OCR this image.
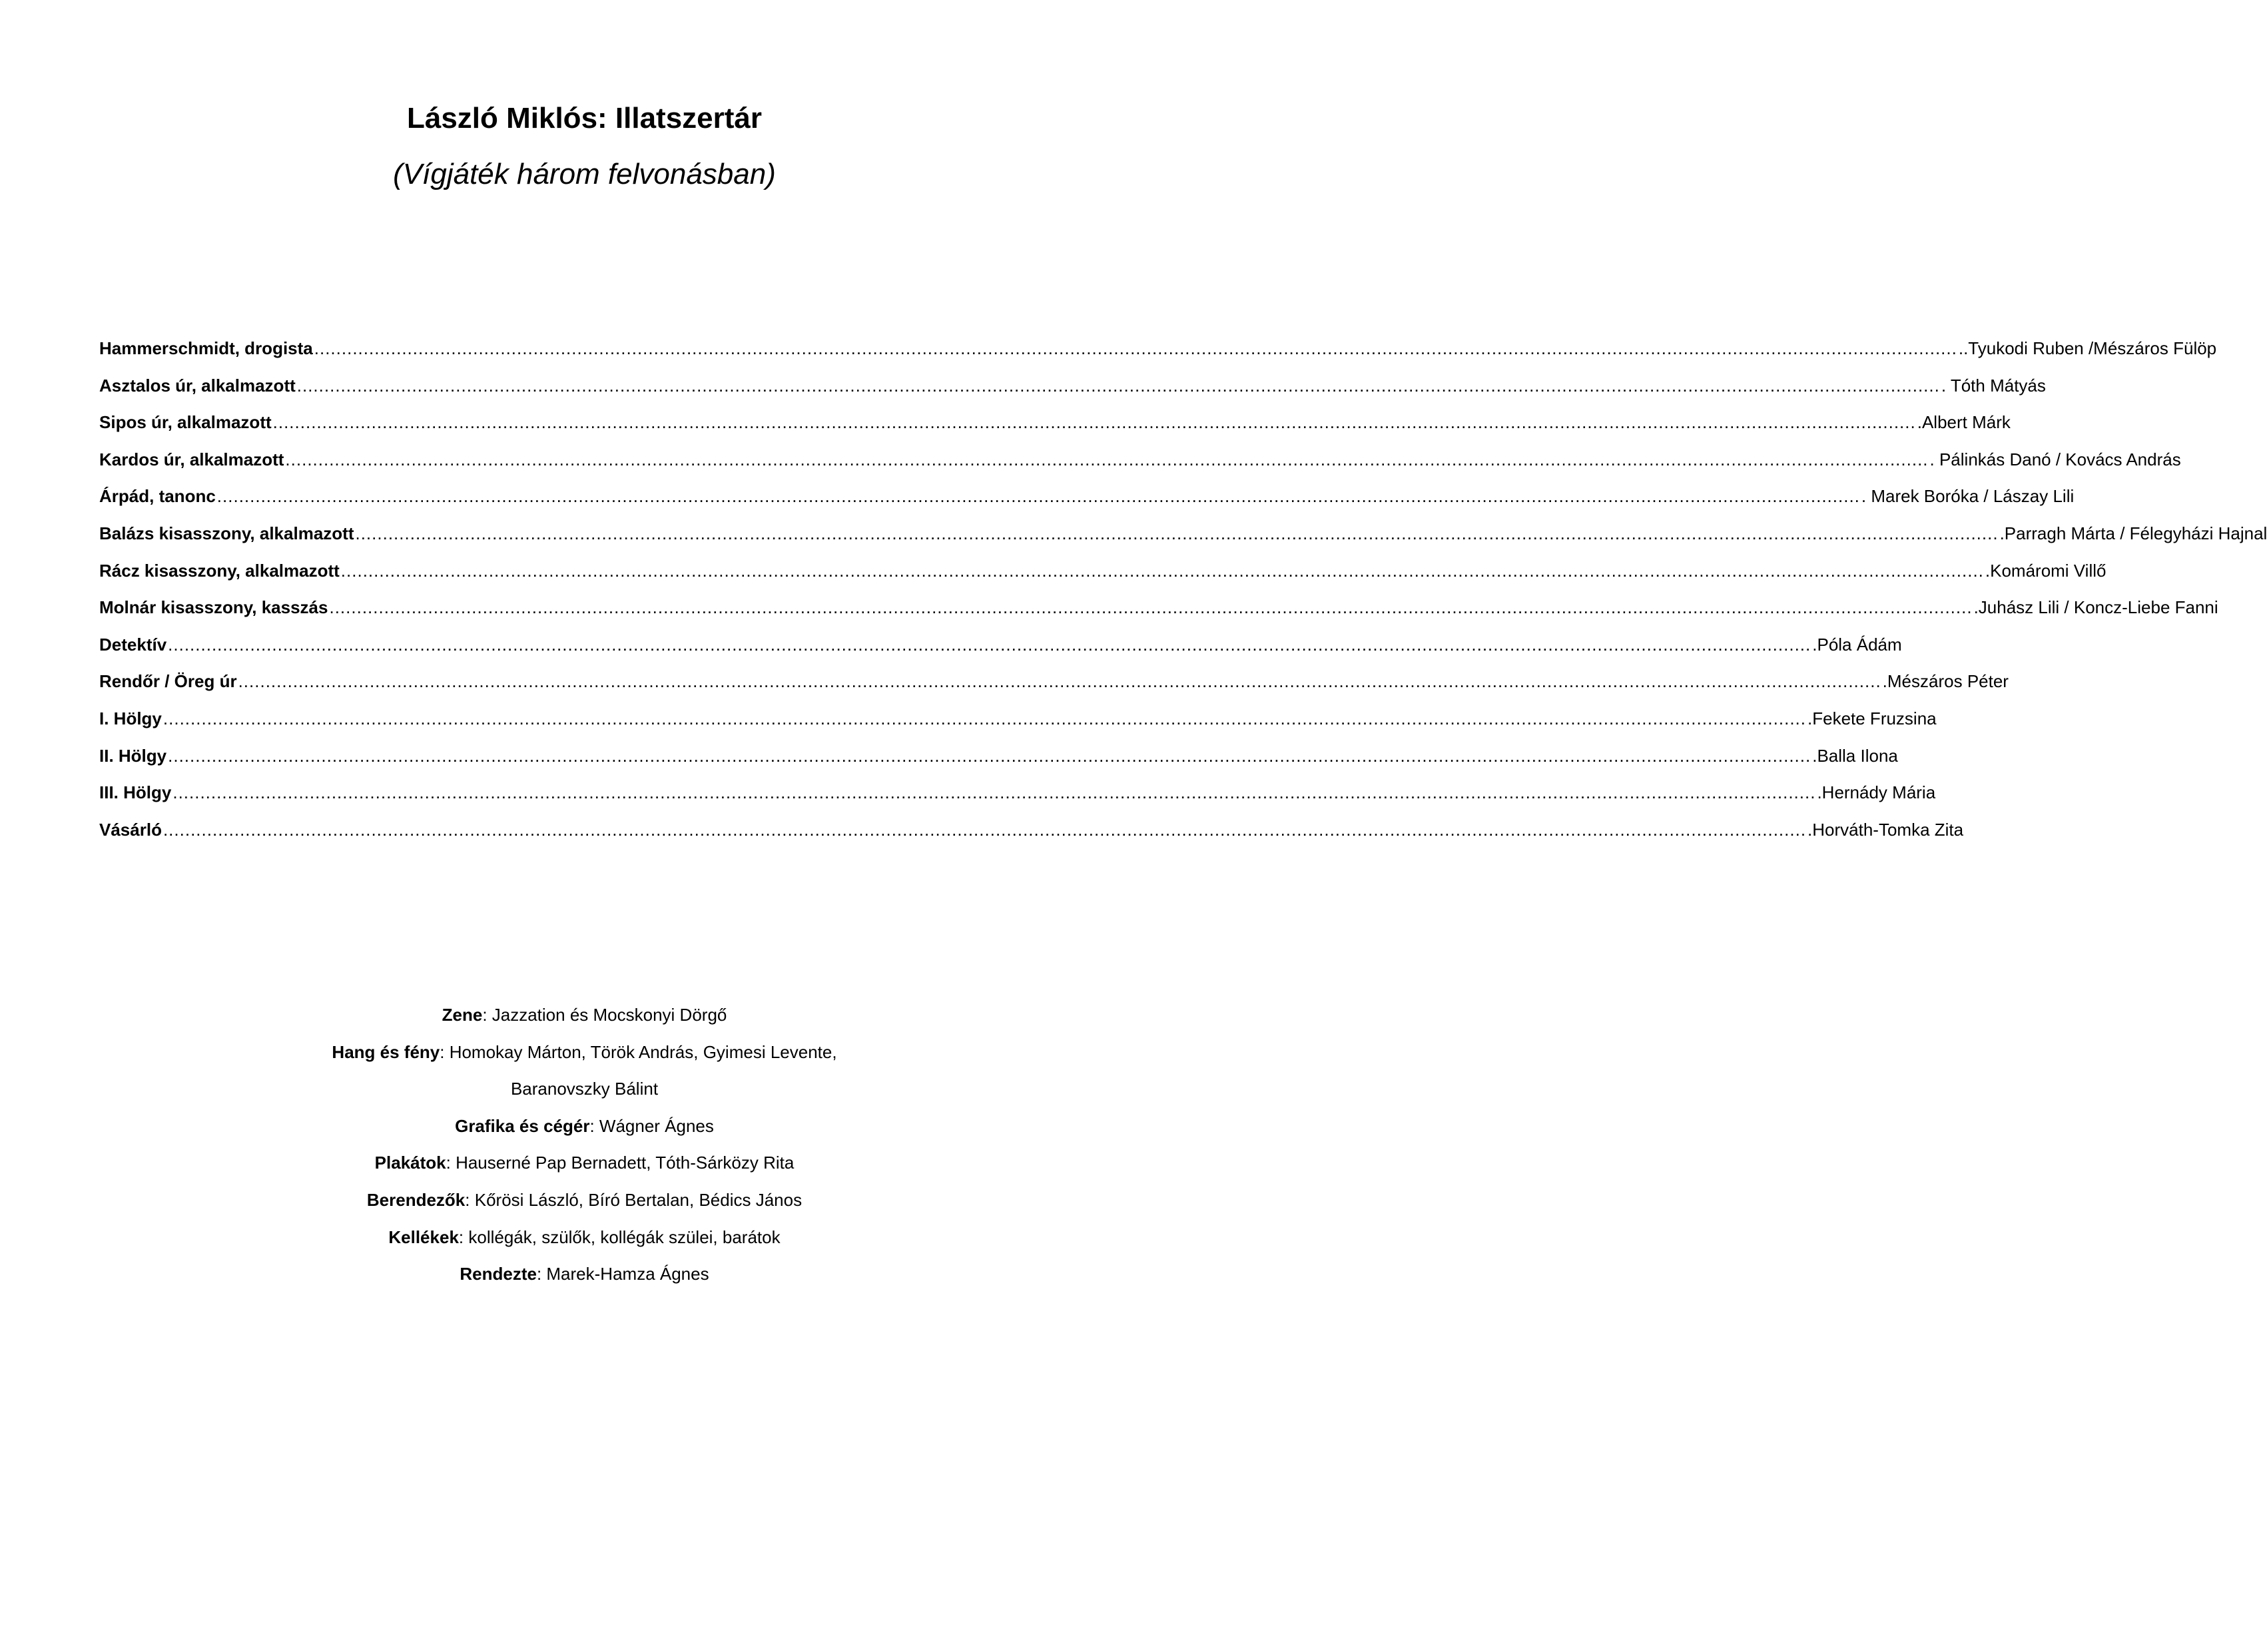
László Miklós: Illatszertár
(Vígjáték három felvonásban)
Hammerschmidt, drogista ............................................................................................................................................................................................................................................................................................................ ..Tyukodi Ruben /Mészáros Fülöp
Asztalos úr, alkalmazott ............................................................................................................................................................................................................................................................................................................ . Tóth Mátyás
Sipos úr, alkalmazott ............................................................................................................................................................................................................................................................................................................ .Albert Márk
Kardos úr, alkalmazott ............................................................................................................................................................................................................................................................................................................ . Pálinkás Danó / Kovács András
Árpád, tanonc ............................................................................................................................................................................................................................................................................................................ . Marek Boróka / Lászay Lili
Balázs kisasszony, alkalmazott ............................................................................................................................................................................................................................................................................................................ .Parragh Márta / Félegyházi Hajnal
Rácz kisasszony, alkalmazott ............................................................................................................................................................................................................................................................................................................ .Komáromi Villő
Molnár kisasszony, kasszás ............................................................................................................................................................................................................................................................................................................ .Juhász Lili / Koncz-Liebe Fanni
Detektív ............................................................................................................................................................................................................................................................................................................ .Póla Ádám
Rendőr / Öreg úr ............................................................................................................................................................................................................................................................................................................ .Mészáros Péter
I. Hölgy ............................................................................................................................................................................................................................................................................................................ .Fekete Fruzsina
II. Hölgy ............................................................................................................................................................................................................................................................................................................ .Balla Ilona
III. Hölgy ............................................................................................................................................................................................................................................................................................................ .Hernády Mária
Vásárló ............................................................................................................................................................................................................................................................................................................ .Horváth-Tomka Zita
Zene: Jazzation és Mocskonyi Dörgő
Hang és fény: Homokay Márton, Török András, Gyimesi Levente,
Baranovszky Bálint
Grafika és cégér: Wágner Ágnes
Plakátok: Hauserné Pap Bernadett, Tóth-Sárközy Rita
Berendezők: Kőrösi László, Bíró Bertalan, Bédics János
Kellékek: kollégák, szülők, kollégák szülei, barátok
Rendezte: Marek-Hamza Ágnes
